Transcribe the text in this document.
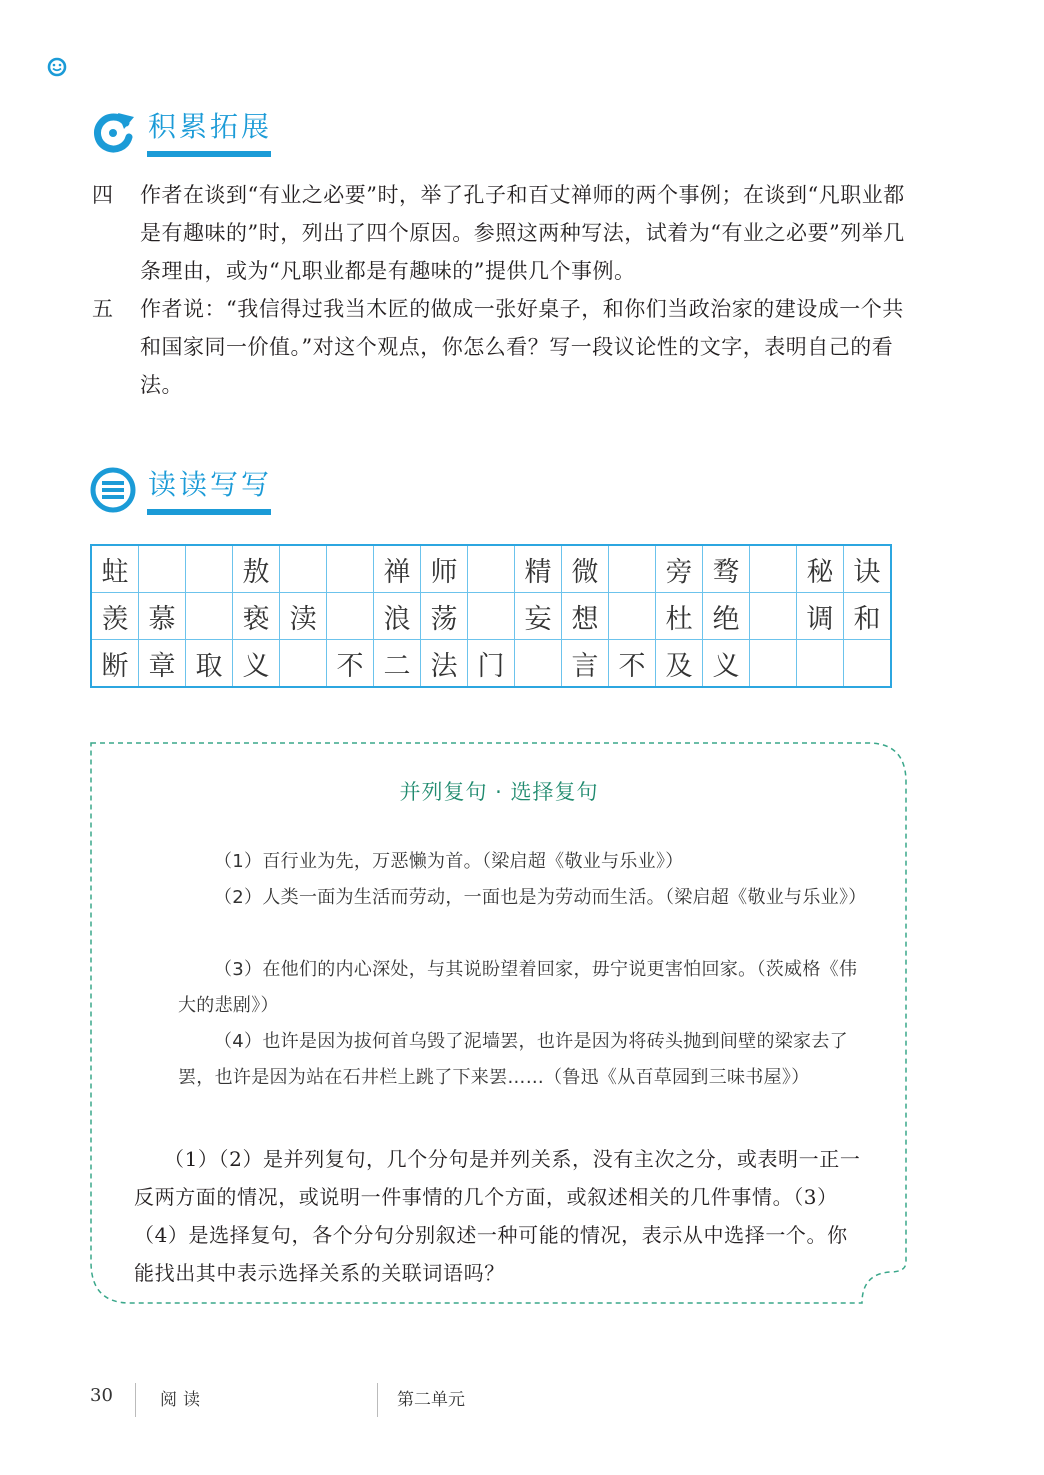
积累拓展
四	作者在谈到“有业之必要”时，举了孔子和百丈禅师的两个事例；在谈到“凡职业都是有趣味的”时，列出了四个原因。参照这两种写法，试着为“有业之必要”列举几条理由，或为“凡职业都是有趣味的”提供几个事例。
五	作者说：“我信得过我当木匠的做成一张好桌子，和你们当政治家的建设成一个共和国家同一价值。”对这个观点，你怎么看？写一段议论性的文字，表明自己的看法。
读读写写
蛀			敖			禅	师		精	微		旁	骛		秘	诀
羡	慕		亵	渎		浪	荡		妄	想		杜	绝		调	和
断	章	取	义		不	二	法	门		言	不	及	义			
并列复句 · 选择复句
（1）百行业为先，万恶懒为首。（梁启超《敬业与乐业》）
（2）人类一面为生活而劳动，一面也是为劳动而生活。（梁启超《敬业与乐业》）
（3）在他们的内心深处，与其说盼望着回家，毋宁说更害怕回家。（茨威格《伟大的悲剧》）
（4）也许是因为拔何首乌毁了泥墙罢，也许是因为将砖头抛到间壁的梁家去了罢，也许是因为站在石井栏上跳了下来罢……（鲁迅《从百草园到三味书屋》）
（1）（2）是并列复句，几个分句是并列关系，没有主次之分，或表明一正一反两方面的情况，或说明一件事情的几个方面，或叙述相关的几件事情。（3）（4）是选择复句，各个分句分别叙述一种可能的情况，表示从中选择一个。你能找出其中表示选择关系的关联词语吗？
30	阅读	第二单元
